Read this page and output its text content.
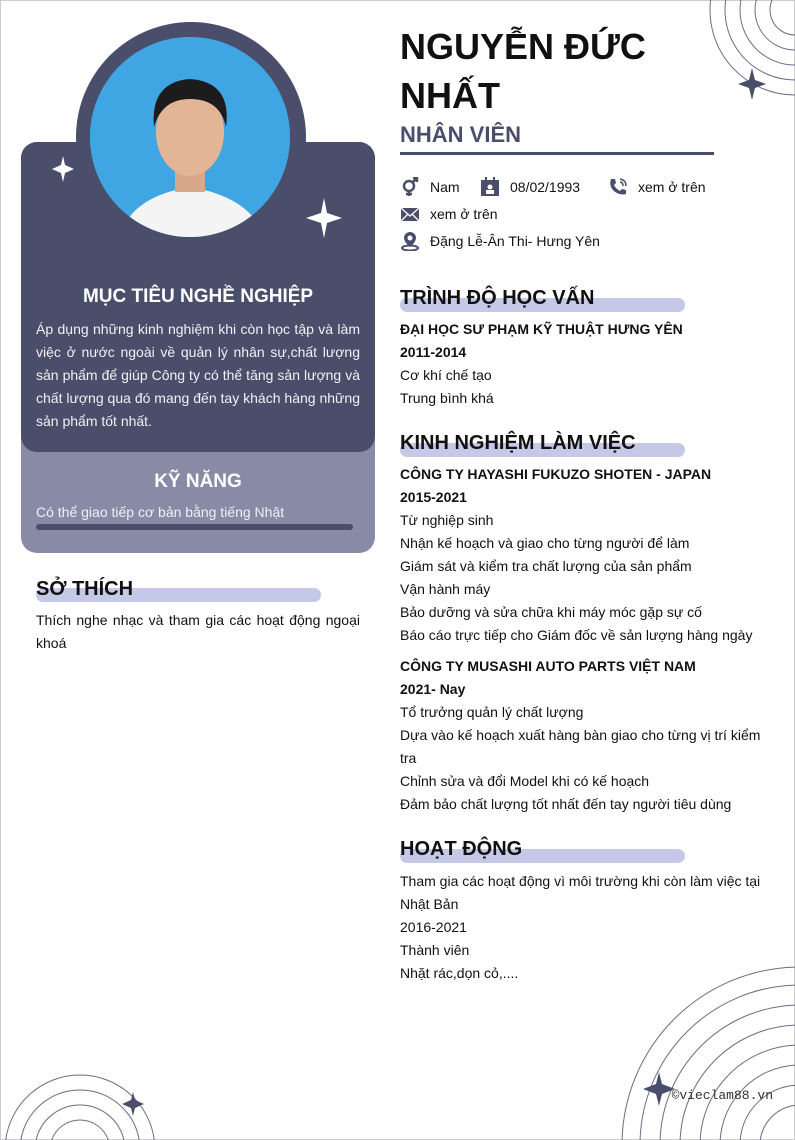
MỤC TIÊU NGHỀ NGHIỆP
Áp dụng những kinh nghiệm khi còn học tập và làm việc ở nước ngoài về quản lý nhân sự,chất lượng sản phẩm để giúp Công ty có thể tăng sản lượng và chất lượng qua đó mang đến tay khách hàng những sản phẩm tốt nhất.
KỸ NĂNG
Có thể giao tiếp cơ bản bằng tiếng Nhật
SỞ THÍCH
Thích nghe nhạc và tham gia các hoạt động ngoại khoá
NGUYỄN ĐỨC
NHẤT
NHÂN VIÊN
Nam	08/02/1993	xem ở trên
xem ở trên
Đặng Lễ-Ân Thi- Hưng Yên
TRÌNH ĐỘ HỌC VẤN
ĐẠI HỌC SƯ PHẠM KỸ THUẬT HƯNG YÊN
2011-2014
Cơ khí chế tạo
Trung bình khá
KINH NGHIỆM LÀM VIỆC
CÔNG TY HAYASHI FUKUZO SHOTEN - JAPAN
2015-2021
Từ nghiệp sinh
Nhận kế hoạch và giao cho từng người để làm
Giám sát và kiểm tra chất lượng của sản phẩm
Vận hành máy
Bảo dưỡng và sửa chữa khi máy móc gặp sự cố
Báo cáo trực tiếp cho Giám đốc về sản lượng hàng ngày
CÔNG TY MUSASHI AUTO PARTS VIỆT NAM
2021- Nay
Tổ trưởng quản lý chất lượng
Dựa vào kế hoạch xuất hàng bàn giao cho từng vị trí kiểm tra
Chỉnh sửa và đổi Model khi có kế hoạch
Đảm bảo chất lượng tốt nhất đến tay người tiêu dùng
HOẠT ĐỘNG
Tham gia các hoạt động vì môi trường khi còn làm việc tại Nhật Bản
2016-2021
Thành viên
Nhặt rác,dọn cỏ,....
©vieclam88.vn
